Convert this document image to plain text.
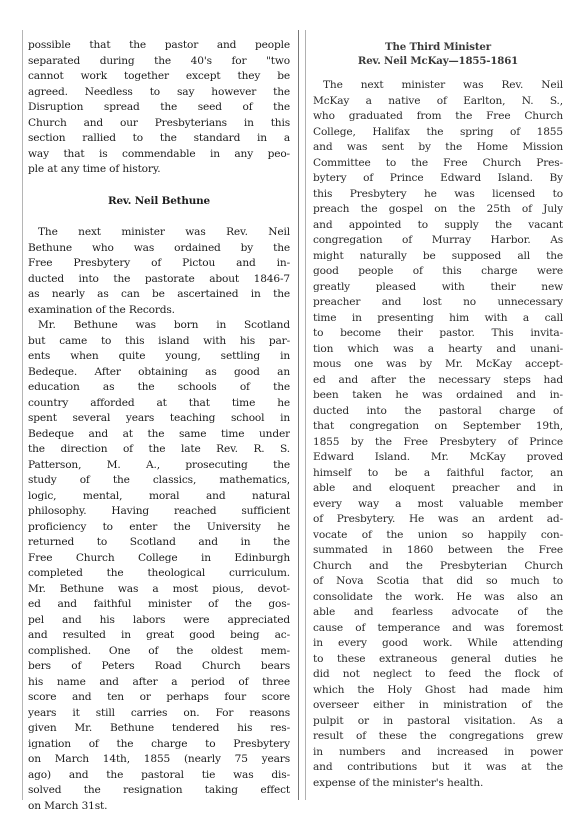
possible that the pastor and people
separated during the 40's for "two
cannot work together except they be
agreed. Needless to say however the
Disruption spread the seed of the
Church and our Presbyterians in this
section rallied to the standard in a
way that is commendable in any peo-
ple at any time of history.
Rev. Neil Bethune
The next minister was Rev. Neil
Bethune who was ordained by the
Free Presbytery of Pictou and in-
ducted into the pastorate about 1846-7
as nearly as can be ascertained in the
examination of the Records.
Mr. Bethune was born in Scotland
but came to this island with his par-
ents when quite young, settling in
Bedeque. After obtaining as good an
education as the schools of the
country afforded at that time he
spent several years teaching school in
Bedeque and at the same time under
the direction of the late Rev. R. S.
Patterson, M. A., prosecuting the
study of the classics, mathematics,
logic, mental, moral and natural
philosophy. Having reached sufficient
proficiency to enter the University he
returned to Scotland and in the
Free Church College in Edinburgh
completed the theological curriculum.
Mr. Bethune was a most pious, devot-
ed and faithful minister of the gos-
pel and his labors were appreciated
and resulted in great good being ac-
complished. One of the oldest mem-
bers of Peters Road Church bears
his name and after a period of three
score and ten or perhaps four score
years it still carries on. For reasons
given Mr. Bethune tendered his res-
ignation of the charge to Presbytery
on March 14th, 1855 (nearly 75 years
ago) and the pastoral tie was dis-
solved the resignation taking effect
on March 31st.
The Third Minister
Rev. Neil McKay—1855-1861
The next minister was Rev. Neil
McKay a native of Earlton, N. S.,
who graduated from the Free Church
College, Halifax the spring of 1855
and was sent by the Home Mission
Committee to the Free Church Pres-
bytery of Prince Edward Island. By
this Presbytery he was licensed to
preach the gospel on the 25th of July
and appointed to supply the vacant
congregation of Murray Harbor. As
might naturally be supposed all the
good people of this charge were
greatly pleased with their new
preacher and lost no unnecessary
time in presenting him with a call
to become their pastor. This invita-
tion which was a hearty and unani-
mous one was by Mr. McKay accept-
ed and after the necessary steps had
been taken he was ordained and in-
ducted into the pastoral charge of
that congregation on September 19th,
1855 by the Free Presbytery of Prince
Edward Island. Mr. McKay proved
himself to be a faithful factor, an
able and eloquent preacher and in
every way a most valuable member
of Presbytery. He was an ardent ad-
vocate of the union so happily con-
summated in 1860 between the Free
Church and the Presbyterian Church
of Nova Scotia that did so much to
consolidate the work. He was also an
able and fearless advocate of the
cause of temperance and was foremost
in every good work. While attending
to these extraneous general duties he
did not neglect to feed the flock of
which the Holy Ghost had made him
overseer either in ministration of the
pulpit or in pastoral visitation. As a
result of these the congregations grew
in numbers and increased in power
and contributions but it was at the
expense of the minister's health.
